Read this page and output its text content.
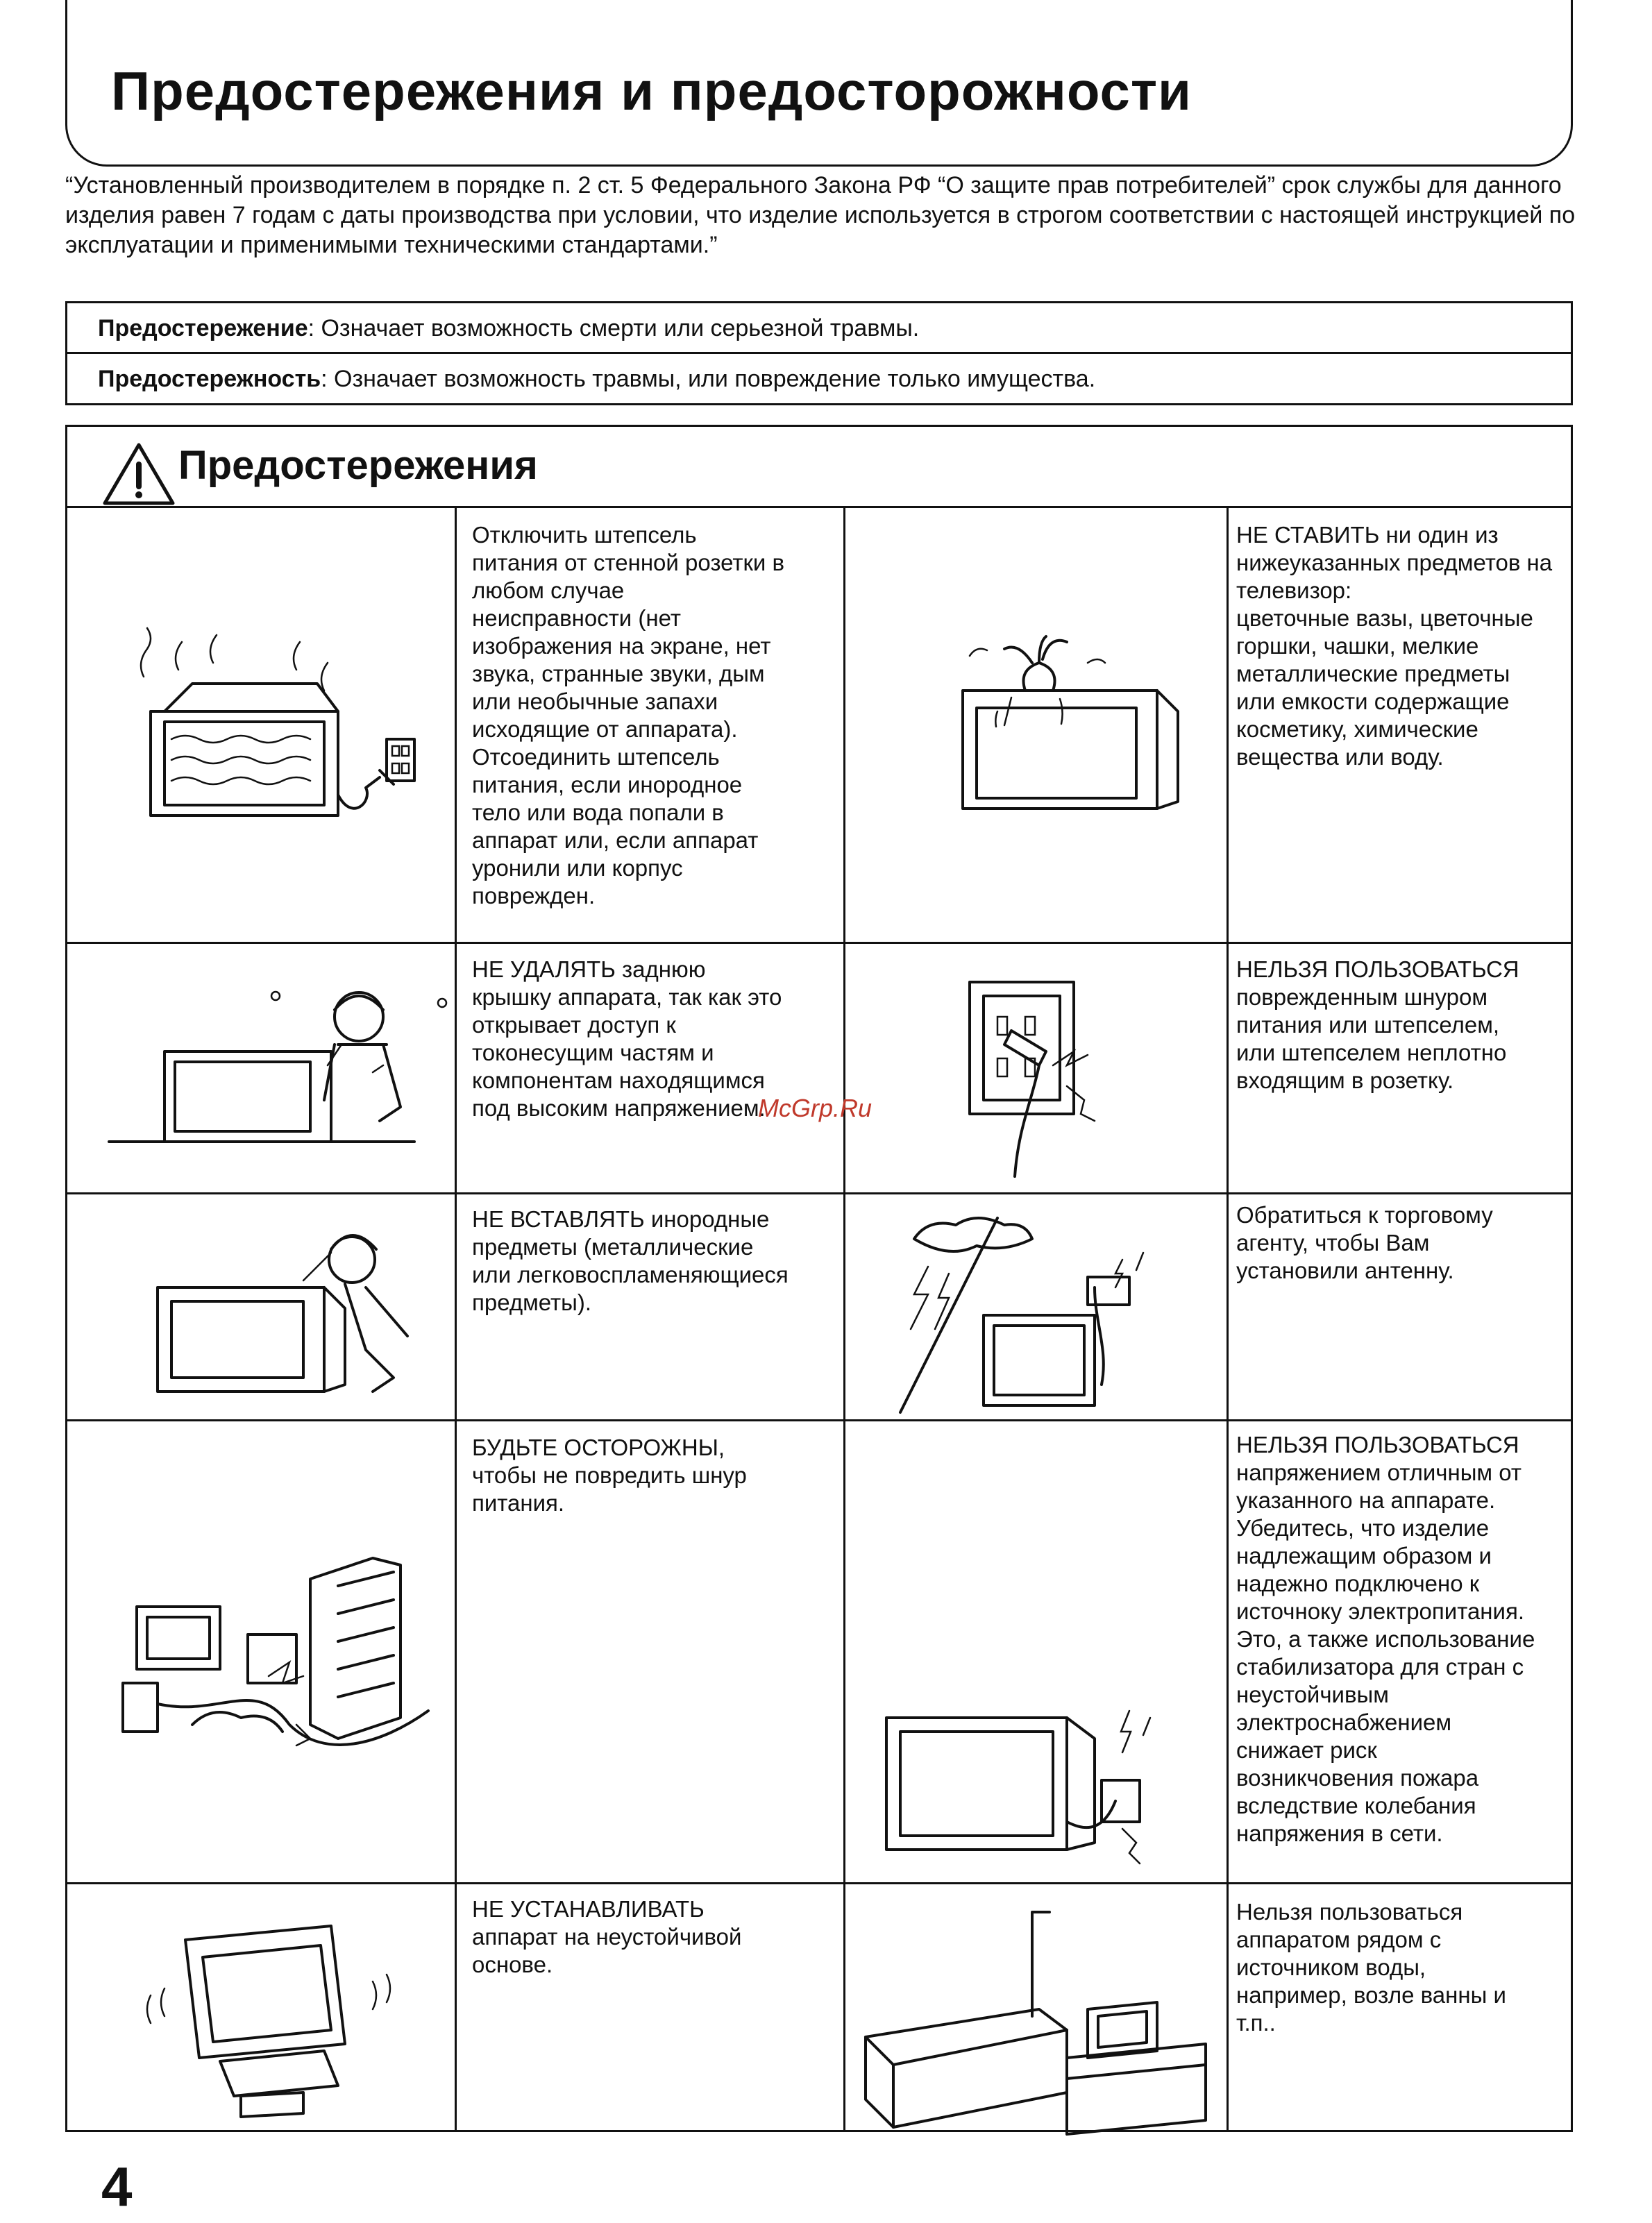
Предостережения и предосторожности

“Установленный производителем в порядке п. 2 ст. 5 Федерального Закона РФ “О защите прав потребителей” срок службы для данного изделия равен 7 годам с даты производства при условии, что изделие используется в строгом соответствии с настоящей инструкцией по эксплуатации и применимыми техническими стандартами.”

Предостережение: Означает возможность смерти или серьезной травмы.
Предостережность: Означает возможность травмы, или повреждение только имущества.
Предостережения

Отключить штепсель
питания от стенной розетки в
любом случае
неисправности (нет
изображения на экране, нет
звука, странные звуки, дым
или необычные запахи
исходящие от аппарата).
Отсоединить штепсель
питания, если инородное
тело или вода попали в
аппарат или, если аппарат
уронили или корпус
поврежден.

НЕ СТАВИТЬ ни один из
нижеуказанных предметов на
телевизор:
цветочные вазы, цветочные
горшки, чашки, мелкие
металлические предметы
или емкости содержащие
косметику, химические
вещества или воду.

НЕ УДАЛЯТЬ заднюю
крышку аппарата, так как это
открывает доступ к
токонесущим частям и
компонентам находящимся
под высоким напряжением.

НЕЛЬЗЯ ПОЛЬЗОВАТЬСЯ
поврежденным шнуром
питания или штепселем,
или штепселем неплотно
входящим в розетку.

НЕ ВСТАВЛЯТЬ инородные
предметы (металлические
или легковоспламеняющиеся
предметы).

Обратиться к торговому
агенту, чтобы Вам
установили антенну.

БУДЬТЕ ОСТОРОЖНЫ,
чтобы не повредить шнур
питания.

НЕЛЬЗЯ ПОЛЬЗОВАТЬСЯ
напряжением отличным от
указанного на аппарате.
Убедитесь, что изделие
надлежащим образом и
надежно подключено к
источноку электропитания.
Это, а также использование
стабилизатора для стран с
неустойчивым
электроснабжением
снижает риск
возникчовения пожара
вследствие колебания
напряжения в сети.

НЕ УСТАНАВЛИВАТЬ
аппарат на неустойчивой
основе.

Нельзя пользоваться
аппаратом рядом с
источником воды,
например, возле ванны и
т.п..

McGrp.Ru

4
